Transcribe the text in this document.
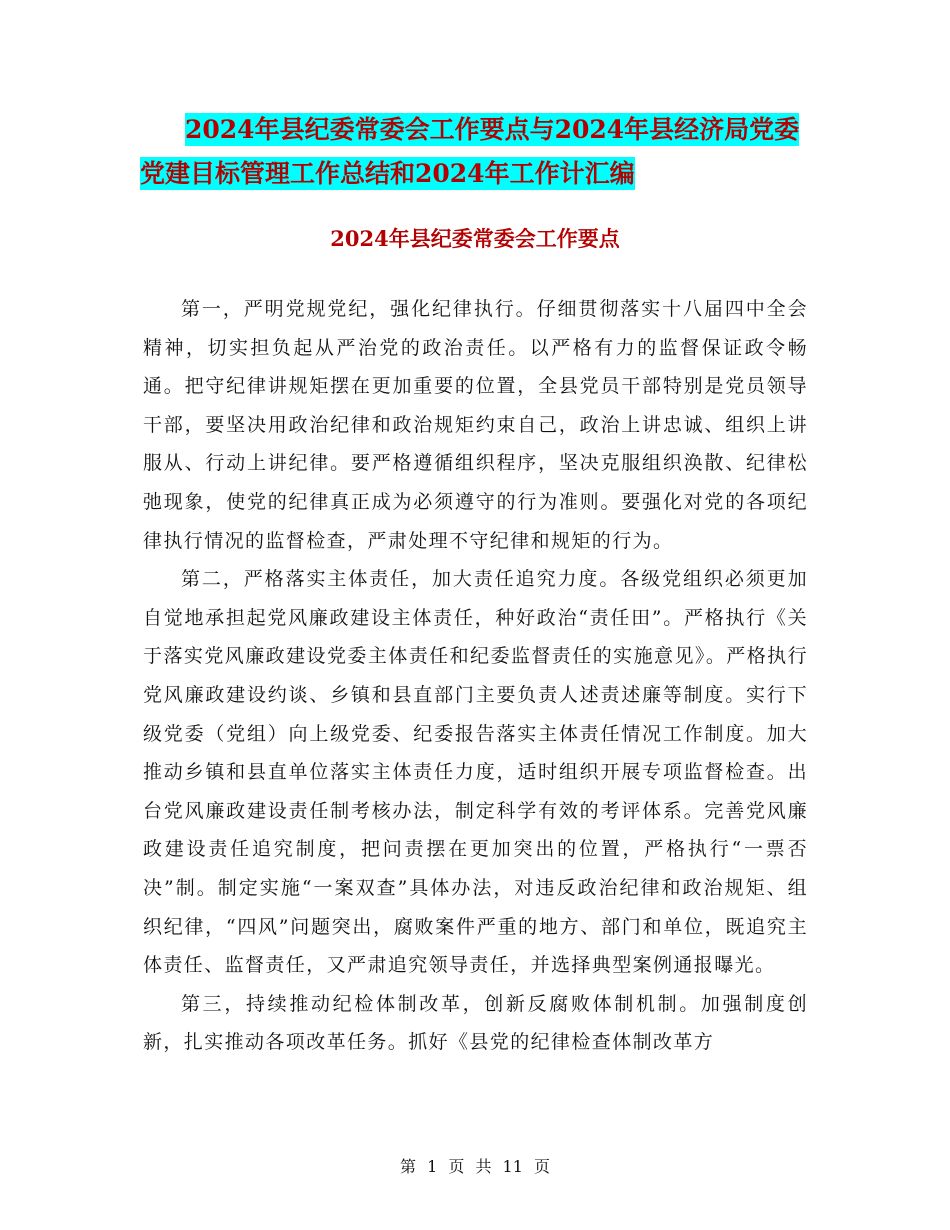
2024年县纪委常委会工作要点与2024年县经济局党委
党建目标管理工作总结和2024年工作计汇编
2024年县纪委常委会工作要点

第一，严明党规党纪，强化纪律执行。仔细贯彻落实十八届四中全会精神，切实担负起从严治党的政治责任。以严格有力的监督保证政令畅通。把守纪律讲规矩摆在更加重要的位置，全县党员干部特别是党员领导干部，要坚决用政治纪律和政治规矩约束自己，政治上讲忠诚、组织上讲服从、行动上讲纪律。要严格遵循组织程序，坚决克服组织涣散、纪律松弛现象，使党的纪律真正成为必须遵守的行为准则。要强化对党的各项纪律执行情况的监督检查，严肃处理不守纪律和规矩的行为。

第二，严格落实主体责任，加大责任追究力度。各级党组织必须更加自觉地承担起党风廉政建设主体责任，种好政治“责任田”。严格执行《关于落实党风廉政建设党委主体责任和纪委监督责任的实施意见》。严格执行党风廉政建设约谈、乡镇和县直部门主要负责人述责述廉等制度。实行下级党委（党组）向上级党委、纪委报告落实主体责任情况工作制度。加大推动乡镇和县直单位落实主体责任力度，适时组织开展专项监督检查。出台党风廉政建设责任制考核办法，制定科学有效的考评体系。完善党风廉政建设责任追究制度，把问责摆在更加突出的位置，严格执行“一票否决”制。制定实施“一案双查”具体办法，对违反政治纪律和政治规矩、组织纪律，“四风”问题突出，腐败案件严重的地方、部门和单位，既追究主体责任、监督责任，又严肃追究领导责任，并选择典型案例通报曝光。

第三，持续推动纪检体制改革，创新反腐败体制机制。加强制度创新，扎实推动各项改革任务。抓好《县党的纪律检查体制改革方

第 1 页 共 11 页
